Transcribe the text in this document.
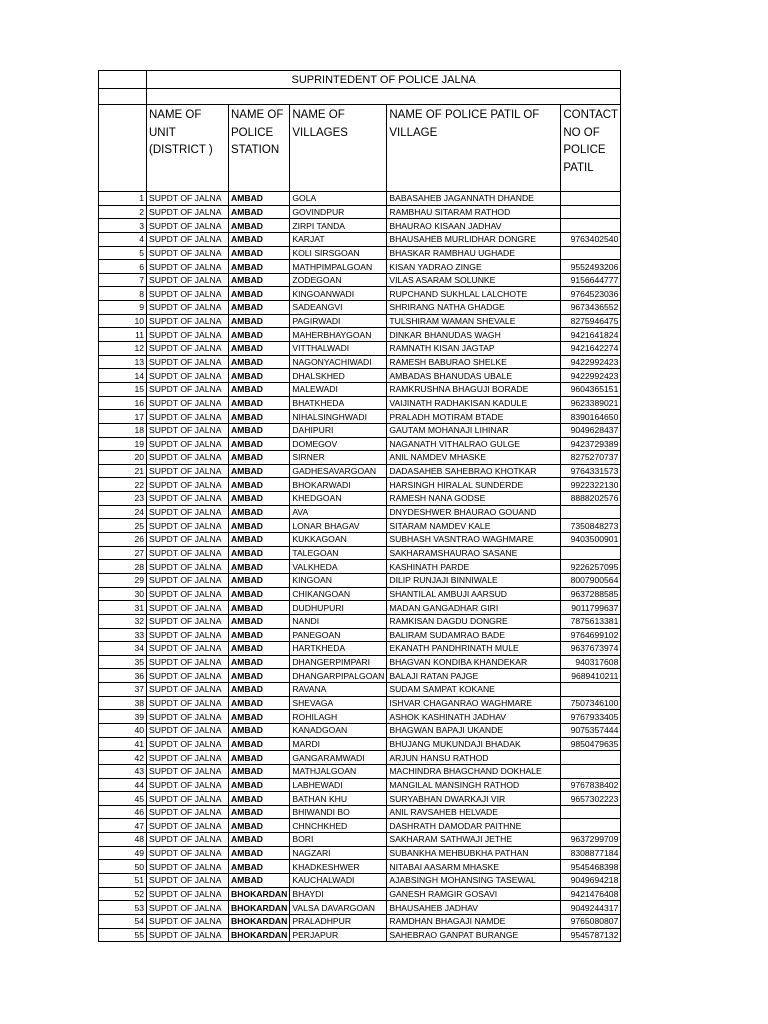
	SUPRINTEDENT OF POLICE JALNA				

	NAME OF UNIT (DISTRICT )	NAME OF POLICE STATION	NAME OF VILLAGES	NAME OF POLICE PATIL OF VILLAGE	CONTACT NO OF POLICE PATIL
1	SUPDT OF JALNA	AMBAD	GOLA	BABASAHEB JAGANNATH DHANDE	
2	SUPDT OF JALNA	AMBAD	GOVINDPUR	RAMBHAU SITARAM RATHOD	
3	SUPDT OF JALNA	AMBAD	ZIRPI TANDA	BHAURAO KISAAN JADHAV	
4	SUPDT OF JALNA	AMBAD	KARJAT	BHAUSAHEB MURLIDHAR DONGRE	9763402540
5	SUPDT OF JALNA	AMBAD	KOLI SIRSGOAN	BHASKAR RAMBHAU UGHADE	
6	SUPDT OF JALNA	AMBAD	MATHPIMPALGOAN	KISAN YADRAO ZINGE	9552493206
7	SUPDT OF JALNA	AMBAD	ZODEGOAN	VILAS ASARAM SOLUNKE	9156644777
8	SUPDT OF JALNA	AMBAD	KINGOANWADI	RUPCHAND SUKHLAL LALCHOTE	9764523036
9	SUPDT OF JALNA	AMBAD	SADEANGVI	SHRIRANG NATHA GHADGE	9673436552
10	SUPDT OF JALNA	AMBAD	PAGIRWADI	TULSHIRAM WAMAN SHEVALE	8275946475
11	SUPDT OF JALNA	AMBAD	MAHERBHAYGOAN	DINKAR BHANUDAS WAGH	9421641824
12	SUPDT OF JALNA	AMBAD	VITTHALWADI	RAMNATH KISAN JAGTAP	9421642274
13	SUPDT OF JALNA	AMBAD	NAGONYACHIWADI	RAMESH BABURAO SHELKE	9422992423
14	SUPDT OF JALNA	AMBAD	DHALSKHED	AMBADAS BHANUDAS UBALE	9422992423
15	SUPDT OF JALNA	AMBAD	MALEWADI	RAMKRUSHNA BHAGUJI BORADE	9604365151
16	SUPDT OF JALNA	AMBAD	BHATKHEDA	VAIJINATH RADHAKISAN KADULE	9623389021
17	SUPDT OF JALNA	AMBAD	NIHALSINGHWADI	PRALADH MOTIRAM BTADE	8390164650
18	SUPDT OF JALNA	AMBAD	DAHIPURI	GAUTAM MOHANAJI LIHINAR	9049628437
19	SUPDT OF JALNA	AMBAD	DOMEGOV	NAGANATH VITHALRAO GULGE	9423729389
20	SUPDT OF JALNA	AMBAD	SIRNER	ANIL NAMDEV MHASKE	8275270737
21	SUPDT OF JALNA	AMBAD	GADHESAVARGOAN	DADASAHEB SAHEBRAO KHOTKAR	9764331573
22	SUPDT OF JALNA	AMBAD	BHOKARWADI	HARSINGH HIRALAL SUNDERDE	9922322130
23	SUPDT OF JALNA	AMBAD	KHEDGOAN	RAMESH NANA GODSE	8888202576
24	SUPDT OF JALNA	AMBAD	AVA	DNYDESHWER BHAURAO GOUAND	
25	SUPDT OF JALNA	AMBAD	LONAR BHAGAV	SITARAM NAMDEV KALE	7350848273
26	SUPDT OF JALNA	AMBAD	KUKKAGOAN	SUBHASH VASNTRAO WAGHMARE	9403500901
27	SUPDT OF JALNA	AMBAD	TALEGOAN	SAKHARAMSHAURAO SASANE	
28	SUPDT OF JALNA	AMBAD	VALKHEDA	KASHINATH PARDE	9226257095
29	SUPDT OF JALNA	AMBAD	KINGOAN	DILIP RUNJAJI BINNIWALE	8007900564
30	SUPDT OF JALNA	AMBAD	CHIKANGOAN	SHANTILAL AMBUJI AARSUD	9637288585
31	SUPDT OF JALNA	AMBAD	DUDHUPURI	MADAN GANGADHAR GIRI	9011799637
32	SUPDT OF JALNA	AMBAD	NANDI	RAMKISAN DAGDU DONGRE	7875613381
33	SUPDT OF JALNA	AMBAD	PANEGOAN	BALIRAM SUDAMRAO BADE	9764699102
34	SUPDT OF JALNA	AMBAD	HARTKHEDA	EKANATH PANDHRINATH MULE	9637673974
35	SUPDT OF JALNA	AMBAD	DHANGERPIMPARI	BHAGVAN KONDIBA KHANDEKAR	940317608
36	SUPDT OF JALNA	AMBAD	DHANGARPIPALGOAN	BALAJI RATAN PAJGE	9689410211
37	SUPDT OF JALNA	AMBAD	RAVANA	SUDAM SAMPAT KOKANE	
38	SUPDT OF JALNA	AMBAD	SHEVAGA	ISHVAR CHAGANRAO WAGHMARE	7507346100
39	SUPDT OF JALNA	AMBAD	ROHILAGH	ASHOK KASHINATH JADHAV	9767933405
40	SUPDT OF JALNA	AMBAD	KANADGOAN	BHAGWAN BAPAJI UKANDE	9075357444
41	SUPDT OF JALNA	AMBAD	MARDI	BHUJANG MUKUNDAJI BHADAK	9850479635
42	SUPDT OF JALNA	AMBAD	GANGARAMWADI	ARJUN HANSU RATHOD	
43	SUPDT OF JALNA	AMBAD	MATHJALGOAN	MACHINDRA BHAGCHAND DOKHALE	
44	SUPDT OF JALNA	AMBAD	LABHEWADI	MANGILAL MANSINGH RATHOD	9767838402
45	SUPDT OF JALNA	AMBAD	BATHAN KHU	SURYABHAN DWARKAJI VIR	9657302223
46	SUPDT OF JALNA	AMBAD	BHIWANDI BO	ANIL RAVSAHEB HELVADE	
47	SUPDT OF JALNA	AMBAD	CHNCHKHED	DASHRATH DAMODAR PAITHNE	
48	SUPDT OF JALNA	AMBAD	BORI	SAKHARAM SATHWAJI JETHE	9637299709
49	SUPDT OF JALNA	AMBAD	NAGZARI	SUBANKHA MEHBUBKHA PATHAN	8308877184
50	SUPDT OF JALNA	AMBAD	KHADKESHWER	NITABAI AASARM MHASKE	9545468398
51	SUPDT OF JALNA	AMBAD	KAUCHALWADI	AJABSINGH MOHANSING TASEWAL	9049694218
52	SUPDT OF JALNA	BHOKARDAN	BHAYDI	GANESH RAMGIR GOSAVI	9421476408
53	SUPDT OF JALNA	BHOKARDAN	VALSA DAVARGOAN	BHAUSAHEB JADHAV	9049244317
54	SUPDT OF JALNA	BHOKARDAN	PRALADHPUR	RAMDHAN BHAGAJI NAMDE	9765080807
55	SUPDT OF JALNA	BHOKARDAN	PERJAPUR	SAHEBRAO GANPAT BURANGE	9545787132
